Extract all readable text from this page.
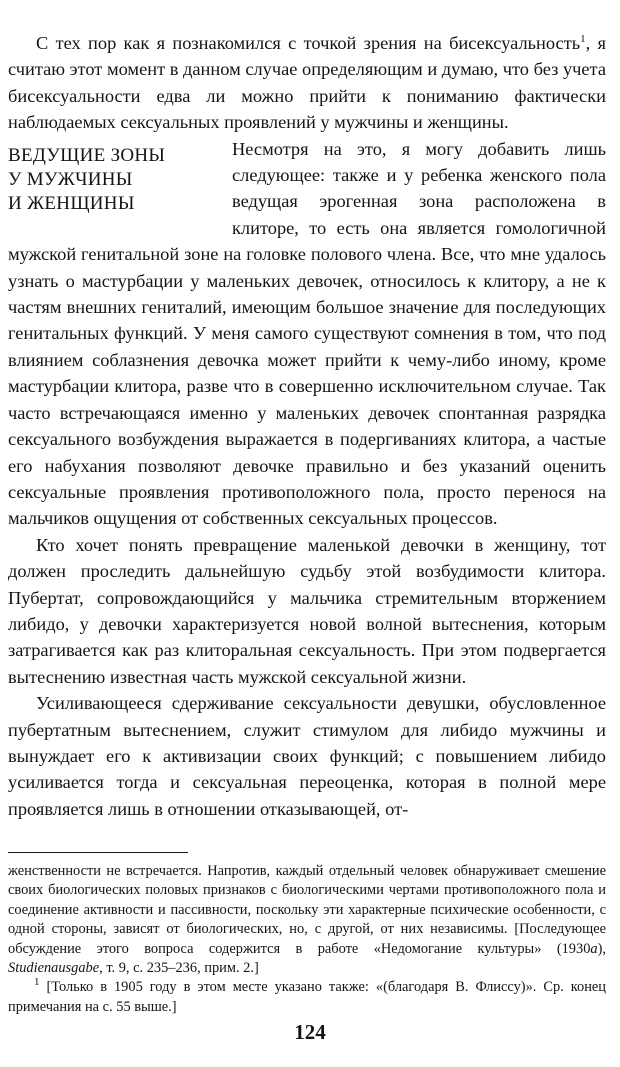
С тех пор как я познакомился с точкой зрения на бисексуальность$^1$, я считаю этот момент в данном случае определяющим и думаю, что без учета бисексуальности едва ли можно прийти к пониманию фактически наблюдаемых сексуальных проявлений у мужчины и женщины.

ВЕДУЩИЕ ЗОНЫ
У МУЖЧИНЫ
И ЖЕНЩИНЫ

Несмотря на это, я могу добавить лишь следующее: также и у ребенка женского пола ведущая эрогенная зона расположена в клиторе, то есть она является гомологичной мужской генитальной зоне на головке полового члена. Все, что мне удалось узнать о мастурбации у маленьких девочек, относилось к клитору, а не к частям внешних гениталий, имеющим большое значение для последующих генитальных функций. У меня самого существуют сомнения в том, что под влиянием соблазнения девочка может прийти к чему-либо иному, кроме мастурбации клитора, разве что в совершенно исключительном случае. Так часто встречающаяся именно у маленьких девочек спонтанная разрядка сексуального возбуждения выражается в подергиваниях клитора, а частые его набухания позволяют девочке правильно и без указаний оценить сексуальные проявления противоположного пола, просто перенося на мальчиков ощущения от собственных сексуальных процессов.

Кто хочет понять превращение маленькой девочки в женщину, тот должен проследить дальнейшую судьбу этой возбудимости клитора. Пубертат, сопровождающийся у мальчика стремительным вторжением либидо, у девочки характеризуется новой волной вытеснения, которым затрагивается как раз клиторальная сексуальность. При этом подвергается вытеснению известная часть мужской сексуальной жизни.

Усиливающееся сдерживание сексуальности девушки, обусловленное пубертатным вытеснением, служит стимулом для либидо мужчины и вынуждает его к активизации своих функций; с повышением либидо усиливается тогда и сексуальная переоценка, которая в полной мере проявляется лишь в отношении отказывающей, от-

женственности не встречается. Напротив, каждый отдельный человек обнаруживает смешение своих биологических половых признаков с биологическими чертами противоположного пола и соединение активности и пассивности, поскольку эти характерные психические особенности, с одной стороны, зависят от биологических, но, с другой, от них независимы. [Последующее обсуждение этого вопроса содержится в работе «Недомогание культуры» (1930a), Studienausgabe, т. 9, с. 235–236, прим. 2.]

$^1$ [Только в 1905 году в этом месте указано также: «(благодаря В. Флиссу)». Ср. конец примечания на с. 55 выше.]

124
